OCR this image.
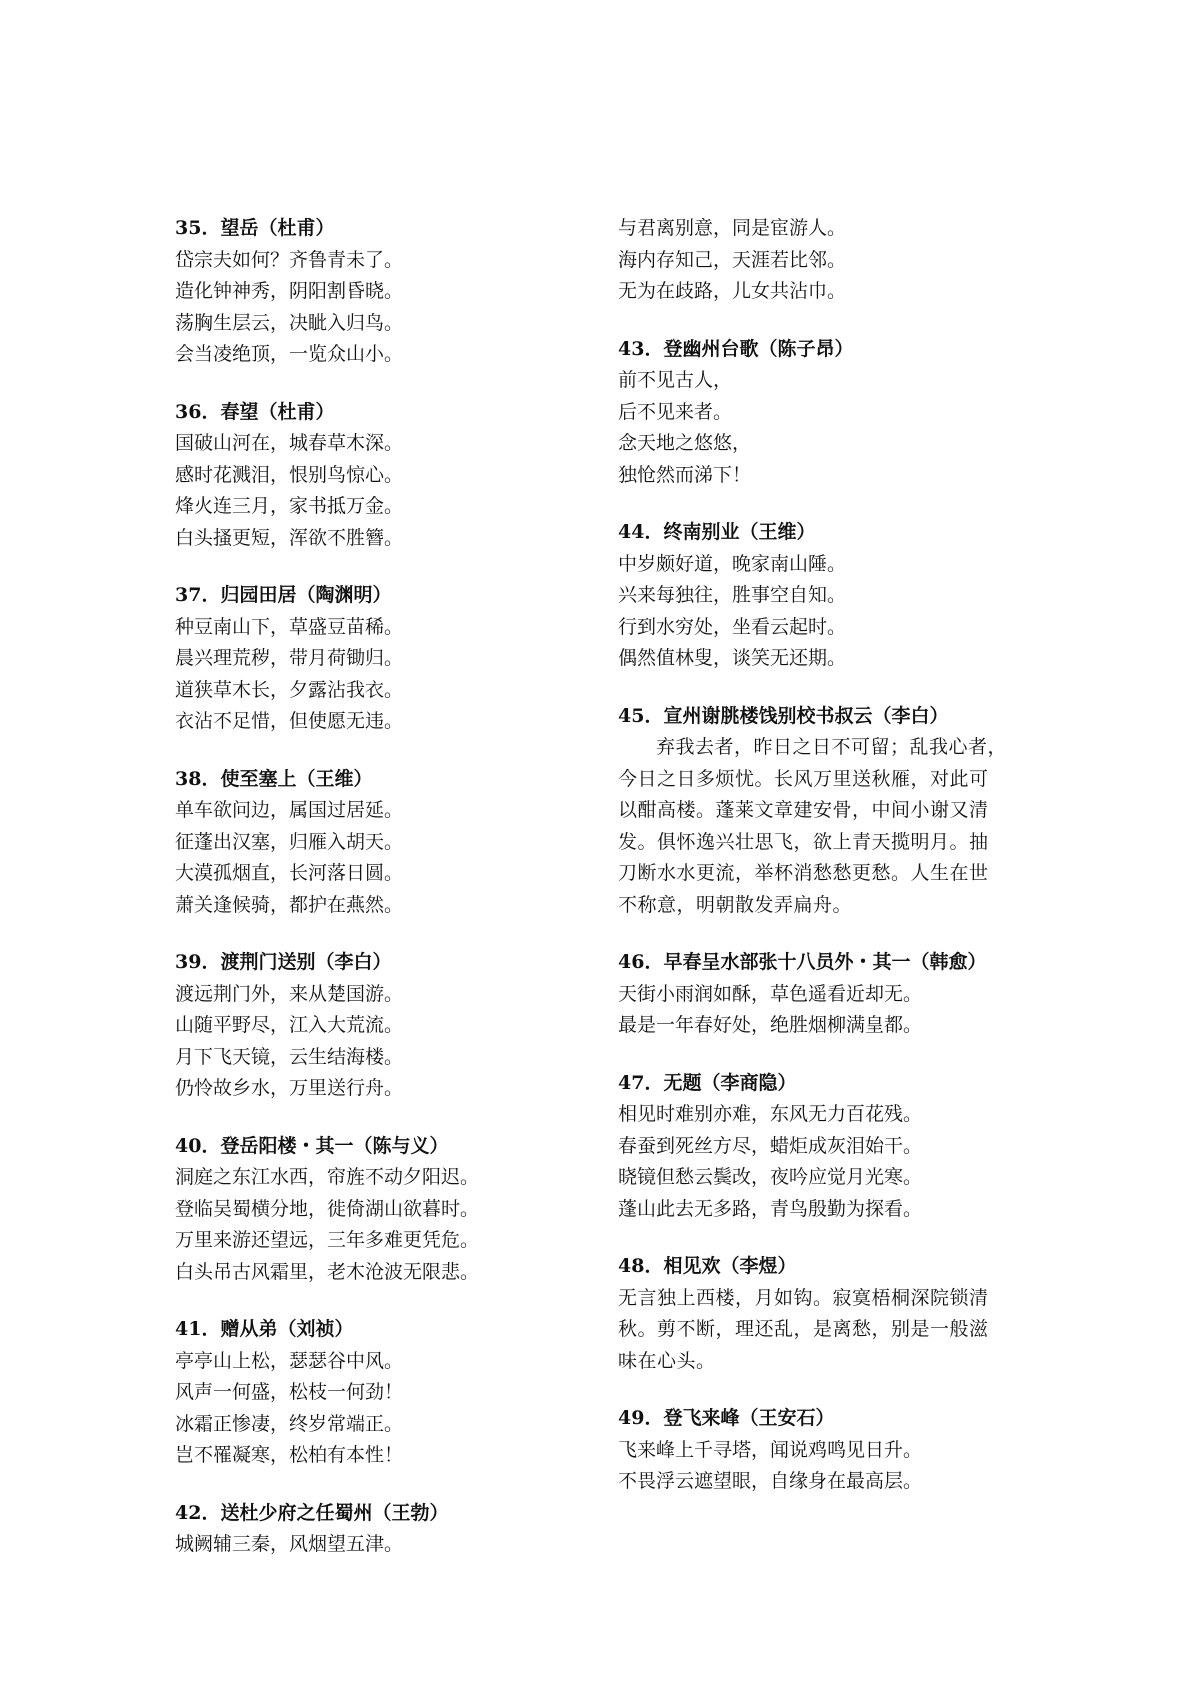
35．望岳（杜甫）
岱宗夫如何？齐鲁青未了。
造化钟神秀，阴阳割昏晓。
荡胸生层云，决眦入归鸟。
会当凌绝顶，一览众山小。
36．春望（杜甫）
国破山河在，城春草木深。
感时花溅泪，恨别鸟惊心。
烽火连三月，家书抵万金。
白头搔更短，浑欲不胜簪。
37．归园田居（陶渊明）
种豆南山下，草盛豆苗稀。
晨兴理荒秽，带月荷锄归。
道狭草木长，夕露沾我衣。
衣沾不足惜，但使愿无违。
38．使至塞上（王维）
单车欲问边，属国过居延。
征蓬出汉塞，归雁入胡天。
大漠孤烟直，长河落日圆。
萧关逢候骑，都护在燕然。
39．渡荆门送别（李白）
渡远荆门外，来从楚国游。
山随平野尽，江入大荒流。
月下飞天镜，云生结海楼。
仍怜故乡水，万里送行舟。
40．登岳阳楼・其一（陈与义）
洞庭之东江水西，帘旌不动夕阳迟。
登临吴蜀横分地，徙倚湖山欲暮时。
万里来游还望远，三年多难更凭危。
白头吊古风霜里，老木沧波无限悲。
41．赠从弟（刘祯）
亭亭山上松，瑟瑟谷中风。
风声一何盛，松枝一何劲！
冰霜正惨凄，终岁常端正。
岂不罹凝寒，松柏有本性！
42．送杜少府之任蜀州（王勃）
城阙辅三秦，风烟望五津。
与君离别意，同是宦游人。
海内存知己，天涯若比邻。
无为在歧路，儿女共沾巾。
43．登幽州台歌（陈子昂）
前不见古人，
后不见来者。
念天地之悠悠，
独怆然而涕下！
44．终南别业（王维）
中岁颇好道，晚家南山陲。
兴来每独往，胜事空自知。
行到水穷处，坐看云起时。
偶然值林叟，谈笑无还期。
45．宣州谢朓楼饯别校书叔云（李白）
弃我去者，昨日之日不可留；乱我心者，
今日之日多烦忧。长风万里送秋雁，对此可
以酣高楼。蓬莱文章建安骨，中间小谢又清
发。俱怀逸兴壮思飞，欲上青天揽明月。抽
刀断水水更流，举杯消愁愁更愁。人生在世
不称意，明朝散发弄扁舟。
46．早春呈水部张十八员外・其一（韩愈）
天街小雨润如酥，草色遥看近却无。
最是一年春好处，绝胜烟柳满皇都。
47．无题（李商隐）
相见时难别亦难，东风无力百花残。
春蚕到死丝方尽，蜡炬成灰泪始干。
晓镜但愁云鬓改，夜吟应觉月光寒。
蓬山此去无多路，青鸟殷勤为探看。
48．相见欢（李煜）
无言独上西楼，月如钩。寂寞梧桐深院锁清
秋。剪不断，理还乱，是离愁，别是一般滋
味在心头。
49．登飞来峰（王安石）
飞来峰上千寻塔，闻说鸡鸣见日升。
不畏浮云遮望眼，自缘身在最高层。
